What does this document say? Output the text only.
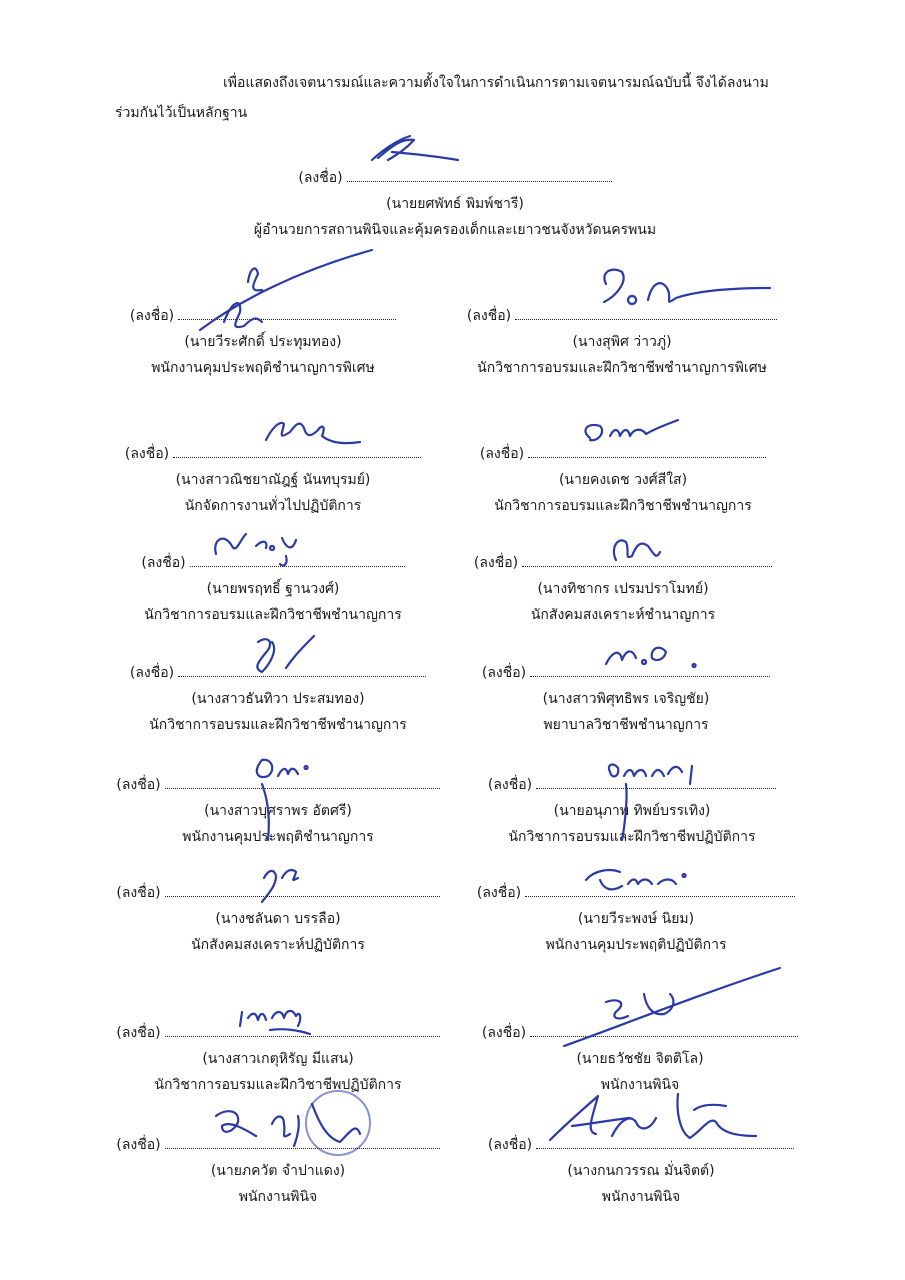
เพื่อแสดงถึงเจตนารมณ์และความตั้งใจในการดำเนินการตามเจตนารมณ์ฉบับนี้ จึงได้ลงนาม
ร่วมกันไว้เป็นหลักฐาน
(ลงชื่อ)
(นายยศพัทธ์ พิมพ์ชารี)
ผู้อำนวยการสถานพินิจและคุ้มครองเด็กและเยาวชนจังหวัดนครพนม
(ลงชื่อ)
(นายวีระศักดิ์ ประทุมทอง)
พนักงานคุมประพฤติชำนาญการพิเศษ
(ลงชื่อ)
(นางสาวณิชยาณัฎฐ์ นันทบุรมย์)
นักจัดการงานทั่วไปปฏิบัติการ
(ลงชื่อ)
(นายพรฤทธิ์ ฐานวงศ์)
นักวิชาการอบรมและฝึกวิชาชีพชำนาญการ
(ลงชื่อ)
(นางสาวธันทิวา ประสมทอง)
นักวิชาการอบรมและฝึกวิชาชีพชำนาญการ
(ลงชื่อ)
(นางสาวบุศราพร อัตศรี)
พนักงานคุมประพฤติชำนาญการ
(ลงชื่อ)
(นางชลันดา บรรลือ)
นักสังคมสงเคราะห์ปฏิบัติการ
(ลงชื่อ)
(นางสาวเกตุหิรัญ มีแสน)
นักวิชาการอบรมและฝึกวิชาชีพปฏิบัติการ
(ลงชื่อ)
(นายภควัต จำปาแดง)
พนักงานพินิจ
(ลงชื่อ)
(นางสุพิศ ว่าวภู่)
นักวิชาการอบรมและฝึกวิชาชีพชำนาญการพิเศษ
(ลงชื่อ)
(นายคงเดช วงศ์สีใส)
นักวิชาการอบรมและฝึกวิชาชีพชำนาญการ
(ลงชื่อ)
(นางทิชากร เปรมปราโมทย์)
นักสังคมสงเคราะห์ชำนาญการ
(ลงชื่อ)
(นางสาวพิศุทธิพร เจริญชัย)
พยาบาลวิชาชีพชำนาญการ
(ลงชื่อ)
(นายอนุภาพ ทิพย์บรรเทิง)
นักวิชาการอบรมและฝึกวิชาชีพปฏิบัติการ
(ลงชื่อ)
(นายวีระพงษ์ นิยม)
พนักงานคุมประพฤติปฏิบัติการ
(ลงชื่อ)
(นายธวัชชัย จิตติโล)
พนักงานพินิจ
(ลงชื่อ)
(นางกนกวรรณ มั่นจิตต์)
พนักงานพินิจ
